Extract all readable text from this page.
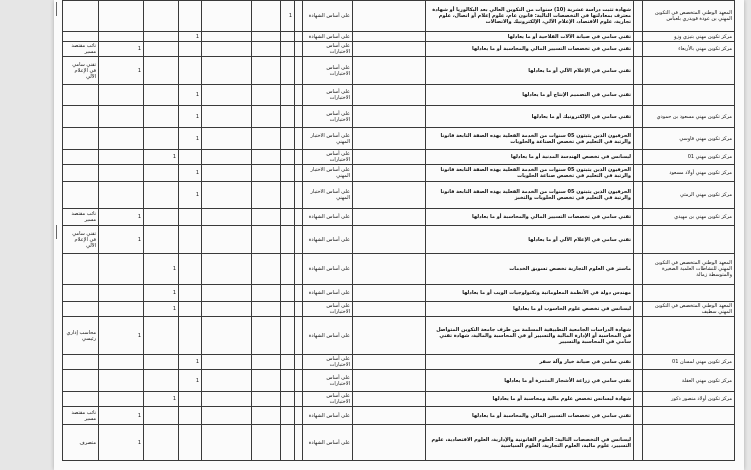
المعهد الوطني المتخصص في التكوين المهني بن عودة قويدري بلعباس		شهادة تثبت دراسة عشرية (10) سنوات من التكوين العالي بعد البكالوريا أو شهادة معترف بمعادلتها في التخصصات التالية: قانون عام، علوم إعلام أو اتصال، علوم تجارية، علوم الاقتصاد، الإعلام الآلي، الإلكترونيك والاتصالات		على أساس الشهادة		1						
مركز تكوين مهني بتيزي وزو		تقني سامي في صيانة الآلات الفلاحية أو ما يعادلها		على أساس الشهادة					1			
مركز تكوين مهني بالأربعاء		تقني سامي في تخصصات التسيير المالي والمحاسبة أو ما يعادلها		على أساس الاختبارات							1	نائب مقتصد مسير
		تقني سامي في الإعلام الآلي أو ما يعادلها		على أساس الاختبارات							1	تقني سامي في الإعلام الآلي
		تقني سامي في التصميم الإنتاج أو ما يعادلها		على أساس الاختبارات					1			
مركز تكوين مهني مسعود بن حمودي		تقني سامي في الإلكترونيك أو ما يعادلها		على أساس الاختبارات					1			
مركز تكوين مهني قاوسي		الحرفيون الذين يثبتون 05 سنوات من الخدمة الفعلية بهذه الصفة التابعة قانونا والرتبة في التعليم في تخصص الصناعة والحلويات		على أساس الاختبار المهني					1			
مركز تكوين مهني 01		ليسانس في تخصص الهندسة المدنية أو ما يعادلها		على أساس الاختبارات						1		
مركز تكوين مهني أولاد مسعود		الحرفيون الذين يثبتون 05 سنوات من الخدمة الفعلية بهذه الصفة التابعة قانونا والرتبة في التعليم في تخصص صناعة الحلويات		على أساس الاختبار المهني					1			
مركز تكوين مهني الرمثي		الحرفيون الذين يثبتون 05 سنوات من الخدمة الفعلية بهذه الصفة التابعة قانونا والرتبة في التعليم في تخصص الحلويات والتخبز		على أساس الاختبار المهني					1			
مركز تكوين مهني بن مهيدي		تقني سامي في تخصصات التسيير المالي والمحاسبة أو ما يعادلها		على أساس الشهادة							1	نائب مقتصد مسير
		تقني سامي في الإعلام الآلي أو ما يعادلها		على أساس الشهادة							1	تقني سامي في الإعلام الآلي
المعهد الوطني المتخصص في التكوين المهني للنشاطات العلمية الصغيرة والمتوسطة زمالة		ماستر في العلوم التجارية تخصص تسويق الخدمات		على أساس الشهادة						1		
		مهندس دولة في الأنظمة المعلوماتية وتكنولوجيات الويب أو ما يعادلها		على أساس الشهادة						1		
المعهد الوطني المتخصص في التكوين المهني سطيف		ليسانس في تخصص علوم الحاسوب أو ما يعادلها		على أساس الاختبارات						1		
		شهادة الدراسات الجامعية التطبيقية المسلمة من طرف جامعة التكوين المتواصل في المحاسبة أو الإدارة المالية والتسيير أو في المحاسبة والمالية، شهادة تقني سامي في المحاسبة والتسيير		على أساس الشهادة							1	محاسب إداري رئيسي
مركز تكوين مهني لمسان 01		تقني سامي في صيانة خيار وآلة سفر		على أساس الاختبارات					1			
مركز تكوين مهني العقلة		تقني سامي في زراعة الأشجار المثمرة أو ما يعادلها		على أساس الاختبارات					1			
مركز تكوين أولاد منصور ذكور		شهادة ليسانس تخصص علوم مالية ومحاسبة أو ما يعادلها		على أساس الاختبارات						1		
		تقني سامي في تخصصات التسيير المالي والمحاسبة أو ما يعادلها		على أساس الشهادة							1	نائب مقتصد مسير
		ليسانس في التخصصات التالية: العلوم القانونية والإدارية، العلوم الاقتصادية، علوم التسيير، علوم مالية، العلوم التجارية، العلوم السياسية		على أساس الشهادة							1	متصرف
